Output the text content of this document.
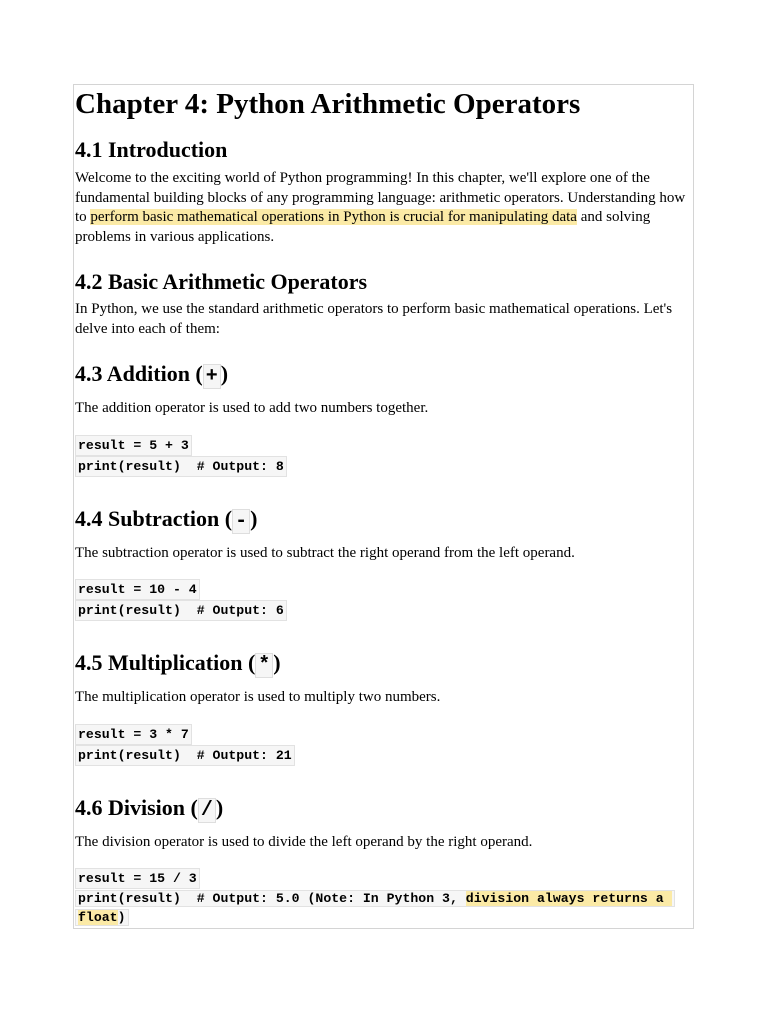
Chapter 4: Python Arithmetic Operators
4.1 Introduction

Welcome to the exciting world of Python programming! In this chapter, we'll explore one of the fundamental building blocks of any programming language: arithmetic operators. Understanding how to perform basic mathematical operations in Python is crucial for manipulating data and solving problems in various applications.

4.2 Basic Arithmetic Operators

In Python, we use the standard arithmetic operators to perform basic mathematical operations. Let's delve into each of them:

4.3 Addition ( + )

The addition operator is used to add two numbers together.

result = 5 + 3
print(result)  # Output: 8
4.4 Subtraction ( - )

The subtraction operator is used to subtract the right operand from the left operand.

result = 10 - 4
print(result)  # Output: 6
4.5 Multiplication ( * )

The multiplication operator is used to multiply two numbers.

result = 3 * 7
print(result)  # Output: 21
4.6 Division ( / )

The division operator is used to divide the left operand by the right operand.

result = 15 / 3
print(result)  # Output: 5.0 (Note: In Python 3, division always returns a float)
